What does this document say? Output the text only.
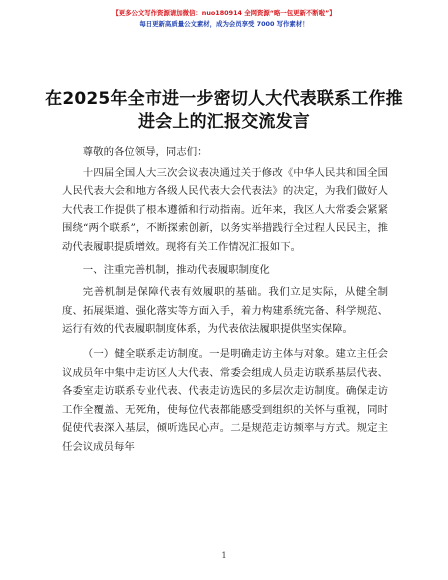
【更多公文写作资源请加微信：nuo180914 全网资源“略一包更新不断啦”】
每日更新高质量公文素材，成为会员享受 7000 写作素材！
在2025年全市进一步密切人大代表联系工作推进会上的汇报交流发言

尊敬的各位领导，同志们：

十四届全国人大三次会议表决通过关于修改《中华人民共和国全国人民代表大会和地方各级人民代表大会代表法》的决定，为我们做好人大代表工作提供了根本遵循和行动指南。近年来，我区人大常委会紧紧围绕“两个联系”，不断探索创新，以务实举措践行全过程人民民主，推动代表履职提质增效。现将有关工作情况汇报如下。

一、注重完善机制，推动代表履职制度化

完善机制是保障代表有效履职的基础。我们立足实际，从健全制度、拓展渠道、强化落实等方面入手，着力构建系统完备、科学规范、运行有效的代表履职制度体系，为代表依法履职提供坚实保障。

（一）健全联系走访制度。一是明确走访主体与对象。建立主任会议成员年中集中走访区人大代表、常委会组成人员走访联系基层代表、各委室走访联系专业代表、代表走访选民的多层次走访制度。确保走访工作全覆盖、无死角，使每位代表都能感受到组织的关怀与重视，同时促使代表深入基层，倾听选民心声。二是规范走访频率与方式。规定主任会议成员每年

1
